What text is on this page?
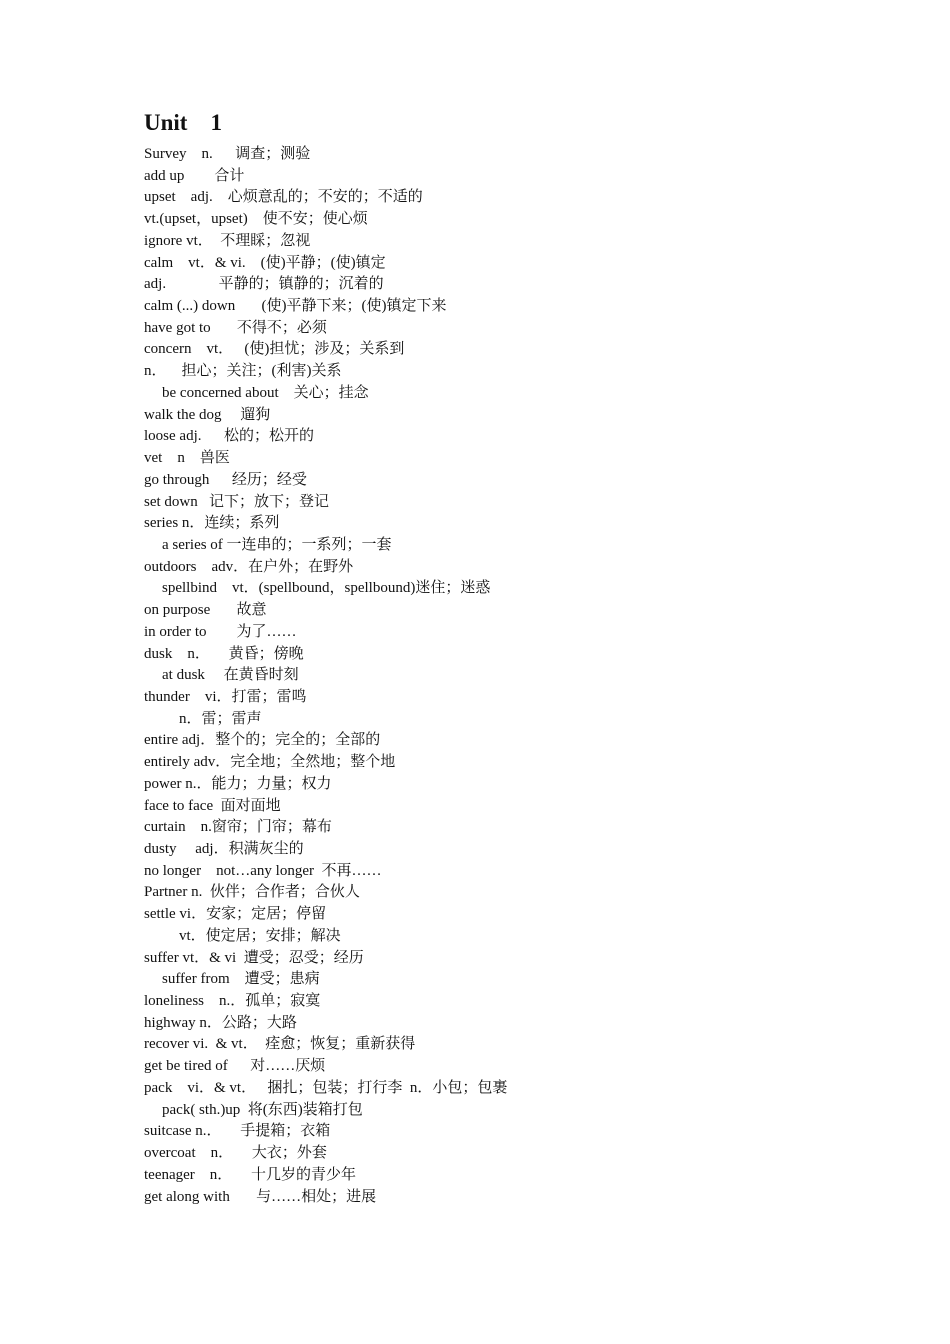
Unit    1
Survey    n.      调查；测验
add up        合计
upset    adj.    心烦意乱的；不安的；不适的
vt.(upset，upset)    使不安；使心烦
ignore vt．  不理睬；忽视
calm    vt．& vi.    (使)平静；(使)镇定
adj.              平静的；镇静的；沉着的
calm (...) down       (使)平静下来；(使)镇定下来
have got to       不得不；必须
concern    vt．   (使)担忧；涉及；关系到
n．    担心；关注；(利害)关系
be concerned about    关心；挂念
walk the dog     遛狗
loose adj.      松的；松开的
vet    n    兽医
go through      经历；经受
set down   记下；放下；登记
series n．连续；系列
a series of 一连串的；一系列；一套
outdoors    adv．在户外；在野外
spellbind    vt．(spellbound，spellbound)迷住；迷惑
on purpose       故意
in order to        为了……
dusk    n．     黄昏；傍晚
at dusk     在黄昏时刻
thunder    vi．打雷；雷鸣
n．雷；雷声
entire adj．整个的；完全的；全部的
entirely adv．完全地；全然地；整个地
power n.．能力；力量；权力
face to face  面对面地
curtain    n.窗帘；门帘；幕布
dusty     adj．积满灰尘的
no longer    not…any longer  不再……
Partner n.  伙伴；合作者；合伙人
settle vi．安家；定居；停留
vt．使定居；安排；解决
suffer vt．& vi  遭受；忍受；经历
suffer from    遭受；患病
loneliness    n.．孤单；寂寞
highway n．公路；大路
recover vi.  & vt．  痊愈；恢复；重新获得
get be tired of      对……厌烦
pack    vi．& vt．   捆扎；包装；打行李  n．小包；包裹
pack( sth.)up  将(东西)装箱打包
suitcase n.．     手提箱；衣箱
overcoat    n．     大衣；外套
teenager    n．     十几岁的青少年
get along with       与……相处；进展
